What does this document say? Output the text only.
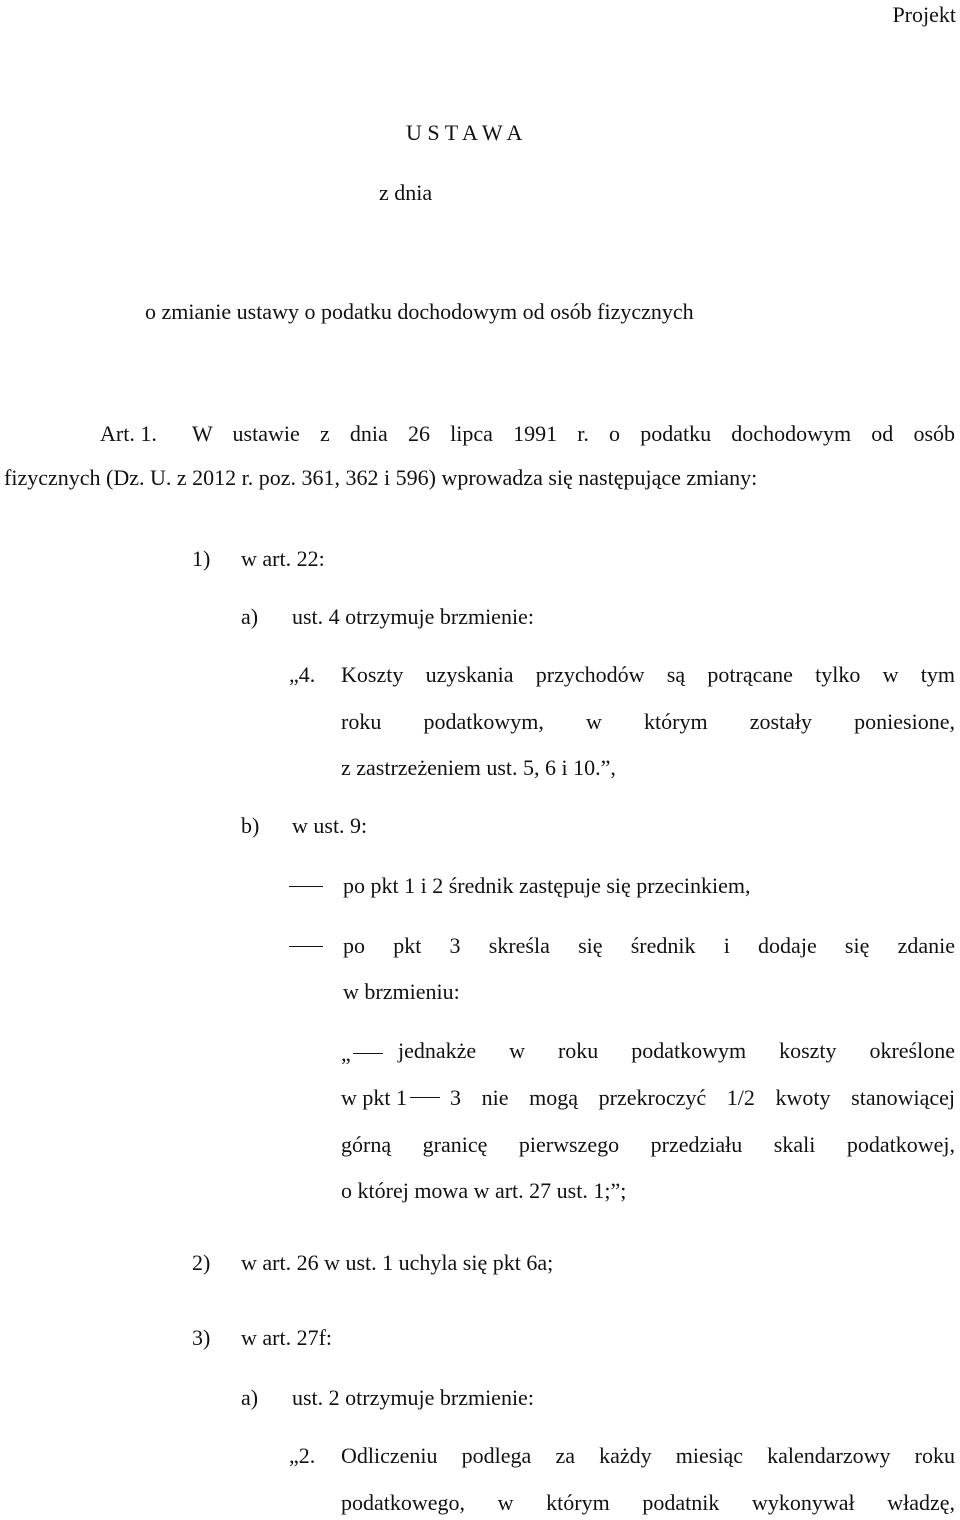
Projekt
U S T A W A
z dnia
o zmianie ustawy o podatku dochodowym od osób fizycznych
Art. 1. W ustawie z dnia 26 lipca 1991 r. o podatku dochodowym od osób
fizycznych (Dz. U. z 2012 r. poz. 361, 362 i 596) wprowadza się następujące zmiany:
1) w art. 22:
a) ust. 4 otrzymuje brzmienie:
„4. Koszty uzyskania przychodów są potrącane tylko w tym
roku podatkowym, w którym zostały poniesione,
z zastrzeżeniem ust. 5, 6 i 10.”,
b) w ust. 9:
po pkt 1 i 2 średnik zastępuje się przecinkiem,
po pkt 3 skreśla się średnik i dodaje się zdanie
w brzmieniu:
„ jednakże w roku podatkowym koszty określone
w pkt 1 3 nie mogą przekroczyć 1/2 kwoty stanowiącej
górną granicę pierwszego przedziału skali podatkowej,
o której mowa w art. 27 ust. 1;”;
2) w art. 26 w ust. 1 uchyla się pkt 6a;
3) w art. 27f:
a) ust. 2 otrzymuje brzmienie:
„2. Odliczeniu podlega za każdy miesiąc kalendarzowy roku
podatkowego, w którym podatnik wykonywał władzę,
